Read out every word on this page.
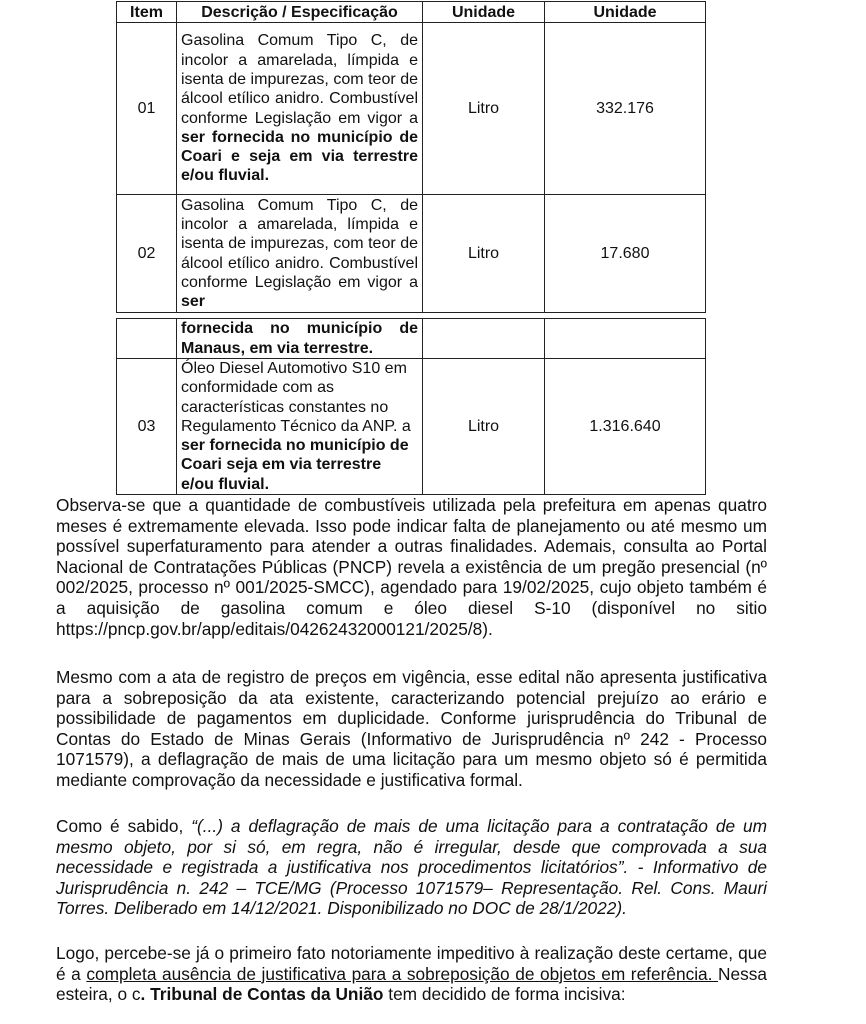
Item	Descrição / Especificação	Unidade	Unidade
01	Gasolina Comum Tipo C, de incolor a amarelada, límpida e isenta de impurezas, com teor de álcool etílico anidro. Combustível conforme Legislação em vigor a ser fornecida no município de Coari e seja em via terrestre e/ou fluvial.	Litro	332.176
02	Gasolina Comum Tipo C, de incolor a amarelada, límpida e isenta de impurezas, com teor de álcool etílico anidro. Combustível conforme Legislação em vigor a ser	Litro	17.680
	fornecida no município de Manaus, em via terrestre.		
03	Óleo Diesel Automotivo S10 em conformidade com as características constantes no Regulamento Técnico da ANP. a ser fornecida no município de Coari seja em via terrestre e/ou fluvial.	Litro	1.316.640

Observa-se que a quantidade de combustíveis utilizada pela prefeitura em apenas quatro meses é extremamente elevada. Isso pode indicar falta de planejamento ou até mesmo um possível superfaturamento para atender a outras finalidades. Ademais, consulta ao Portal Nacional de Contratações Públicas (PNCP) revela a existência de um pregão presencial (nº 002/2025, processo nº 001/2025-SMCC), agendado para 19/02/2025, cujo objeto também é a aquisição de gasolina comum e óleo diesel S-10 (disponível no sitio https://pncp.gov.br/app/editais/04262432000121/2025/8).

Mesmo com a ata de registro de preços em vigência, esse edital não apresenta justificativa para a sobreposição da ata existente, caracterizando potencial prejuízo ao erário e possibilidade de pagamentos em duplicidade. Conforme jurisprudência do Tribunal de Contas do Estado de Minas Gerais (Informativo de Jurisprudência nº 242 - Processo 1071579), a deflagração de mais de uma licitação para um mesmo objeto só é permitida mediante comprovação da necessidade e justificativa formal.

Como é sabido, “(...) a deflagração de mais de uma licitação para a contratação de um mesmo objeto, por si só, em regra, não é irregular, desde que comprovada a sua necessidade e registrada a justificativa nos procedimentos licitatórios”. - Informativo de Jurisprudência n. 242 – TCE/MG (Processo 1071579– Representação. Rel. Cons. Mauri Torres. Deliberado em 14/12/2021. Disponibilizado no DOC de 28/1/2022).

Logo, percebe-se já o primeiro fato notoriamente impeditivo à realização deste certame, que é a completa ausência de justificativa para a sobreposição de objetos em referência. Nessa esteira, o c. Tribunal de Contas da União tem decidido de forma incisiva:
